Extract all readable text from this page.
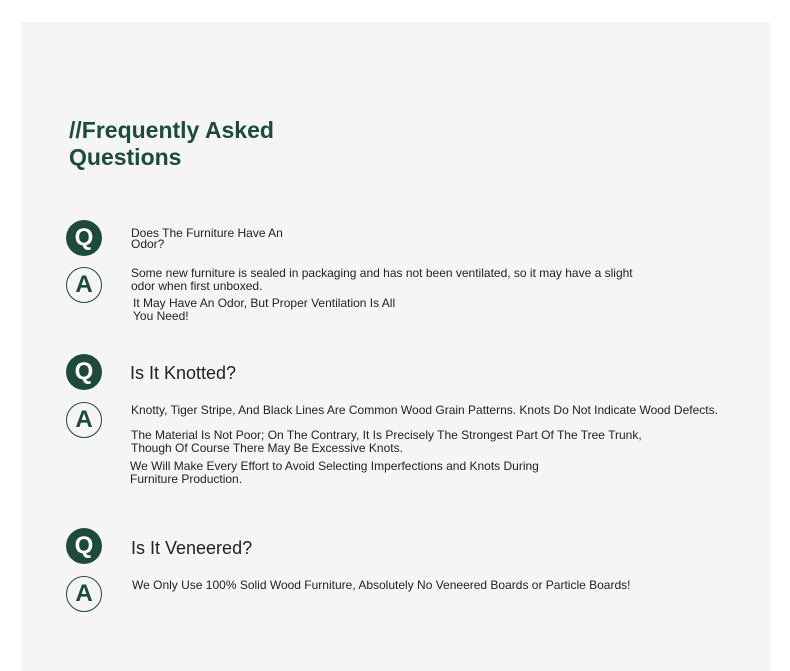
//Frequently Asked Questions
Q	Does The Furniture Have An Odor?
A	Some new furniture is sealed in packaging and has not been ventilated, so it may have a slight odor when first unboxed.
It May Have An Odor, But Proper Ventilation Is All You Need!
Q	Is It Knotted?
A	Knotty, Tiger Stripe, And Black Lines Are Common Wood Grain Patterns. Knots Do Not Indicate Wood Defects.
The Material Is Not Poor; On The Contrary, It Is Precisely The Strongest Part Of The Tree Trunk, Though Of Course There May Be Excessive Knots.
We Will Make Every Effort to Avoid Selecting Imperfections and Knots During Furniture Production.
Q	Is It Veneered?
A	We Only Use 100% Solid Wood Furniture, Absolutely No Veneered Boards or Particle Boards!
